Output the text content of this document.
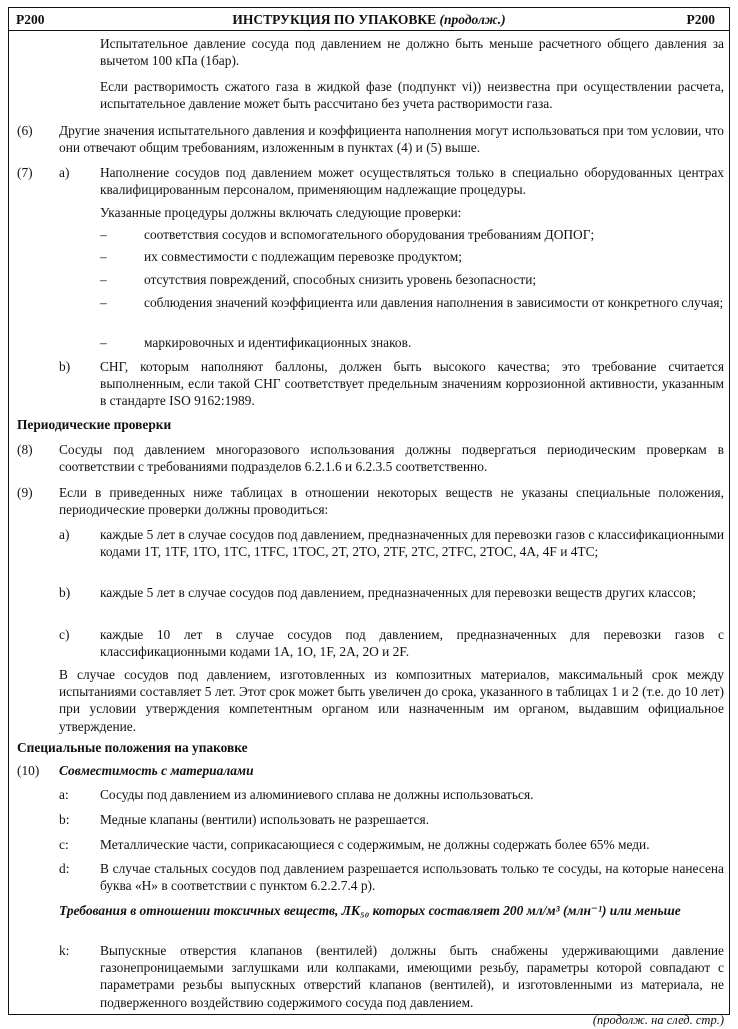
P200	ИНСТРУКЦИЯ ПО УПАКОВКЕ (продолж.)	P200
Испытательное давление сосуда под давлением не должно быть меньше расчетного общего давления за вычетом 100 кПа (1бар).
Если растворимость сжатого газа в жидкой фазе (подпункт vi)) неизвестна при осуществлении расчета, испытательное давление может быть рассчитано без учета растворимости газа.
(6) Другие значения испытательного давления и коэффициента наполнения могут использоваться при том условии, что они отвечают общим требованиям, изложенным в пунктах (4) и (5) выше.
(7) a) Наполнение сосудов под давлением может осуществляться только в специально оборудованных центрах квалифицированным персоналом, применяющим надлежащие процедуры.
Указанные процедуры должны включать следующие проверки:
–	соответствия сосудов и вспомогательного оборудования требованиям ДОПОГ;
–	их совместимости с подлежащим перевозке продуктом;
–	отсутствия повреждений, способных снизить уровень безопасности;
–	соблюдения значений коэффициента или давления наполнения в зависимости от конкретного случая;
–	маркировочных и идентификационных знаков.
b) СНГ, которым наполняют баллоны, должен быть высокого качества; это требование считается выполненным, если такой СНГ соответствует предельным значениям коррозионной активности, указанным в стандарте ISO 9162:1989.
Периодические проверки
(8) Сосуды под давлением многоразового использования должны подвергаться периодическим проверкам в соответствии с требованиями подразделов 6.2.1.6 и 6.2.3.5 соответственно.
(9) Если в приведенных ниже таблицах в отношении некоторых веществ не указаны специальные положения, периодические проверки должны проводиться:
a) каждые 5 лет в случае сосудов под давлением, предназначенных для перевозки газов с классификационными кодами 1T, 1TF, 1TO, 1TC, 1TFC, 1TOC, 2T, 2TO, 2TF, 2TC, 2TFC, 2TOC, 4A, 4F и 4TC;
b) каждые 5 лет в случае сосудов под давлением, предназначенных для перевозки веществ других классов;
c) каждые 10 лет в случае сосудов под давлением, предназначенных для перевозки газов с классификационными кодами 1A, 1O, 1F, 2A, 2O и 2F.
В случае сосудов под давлением, изготовленных из композитных материалов, максимальный срок между испытаниями составляет 5 лет. Этот срок может быть увеличен до срока, указанного в таблицах 1 и 2 (т.е. до 10 лет) при условии утверждения компетентным органом или назначенным им органом, выдавшим официальное утверждение.
Специальные положения на упаковке
(10) Совместимость с материалами
a: Сосуды под давлением из алюминиевого сплава не должны использоваться.
b: Медные клапаны (вентили) использовать не разрешается.
c: Металлические части, соприкасающиеся с содержимым, не должны содержать более 65% меди.
d: В случае стальных сосудов под давлением разрешается использовать только те сосуды, на которые нанесена буква «H» в соответствии с пунктом 6.2.2.7.4 p).
Требования в отношении токсичных веществ, ЛК₅₀ которых составляет 200 мл/м³ (млн⁻¹) или меньше
k: Выпускные отверстия клапанов (вентилей) должны быть снабжены удерживающими давление газонепроницаемыми заглушками или колпаками, имеющими резьбу, параметры которой совпадают с параметрами резьбы выпускных отверстий клапанов (вентилей), и изготовленными из материала, не подверженного воздействию содержимого сосуда под давлением.
(продолж. на след. стр.)
